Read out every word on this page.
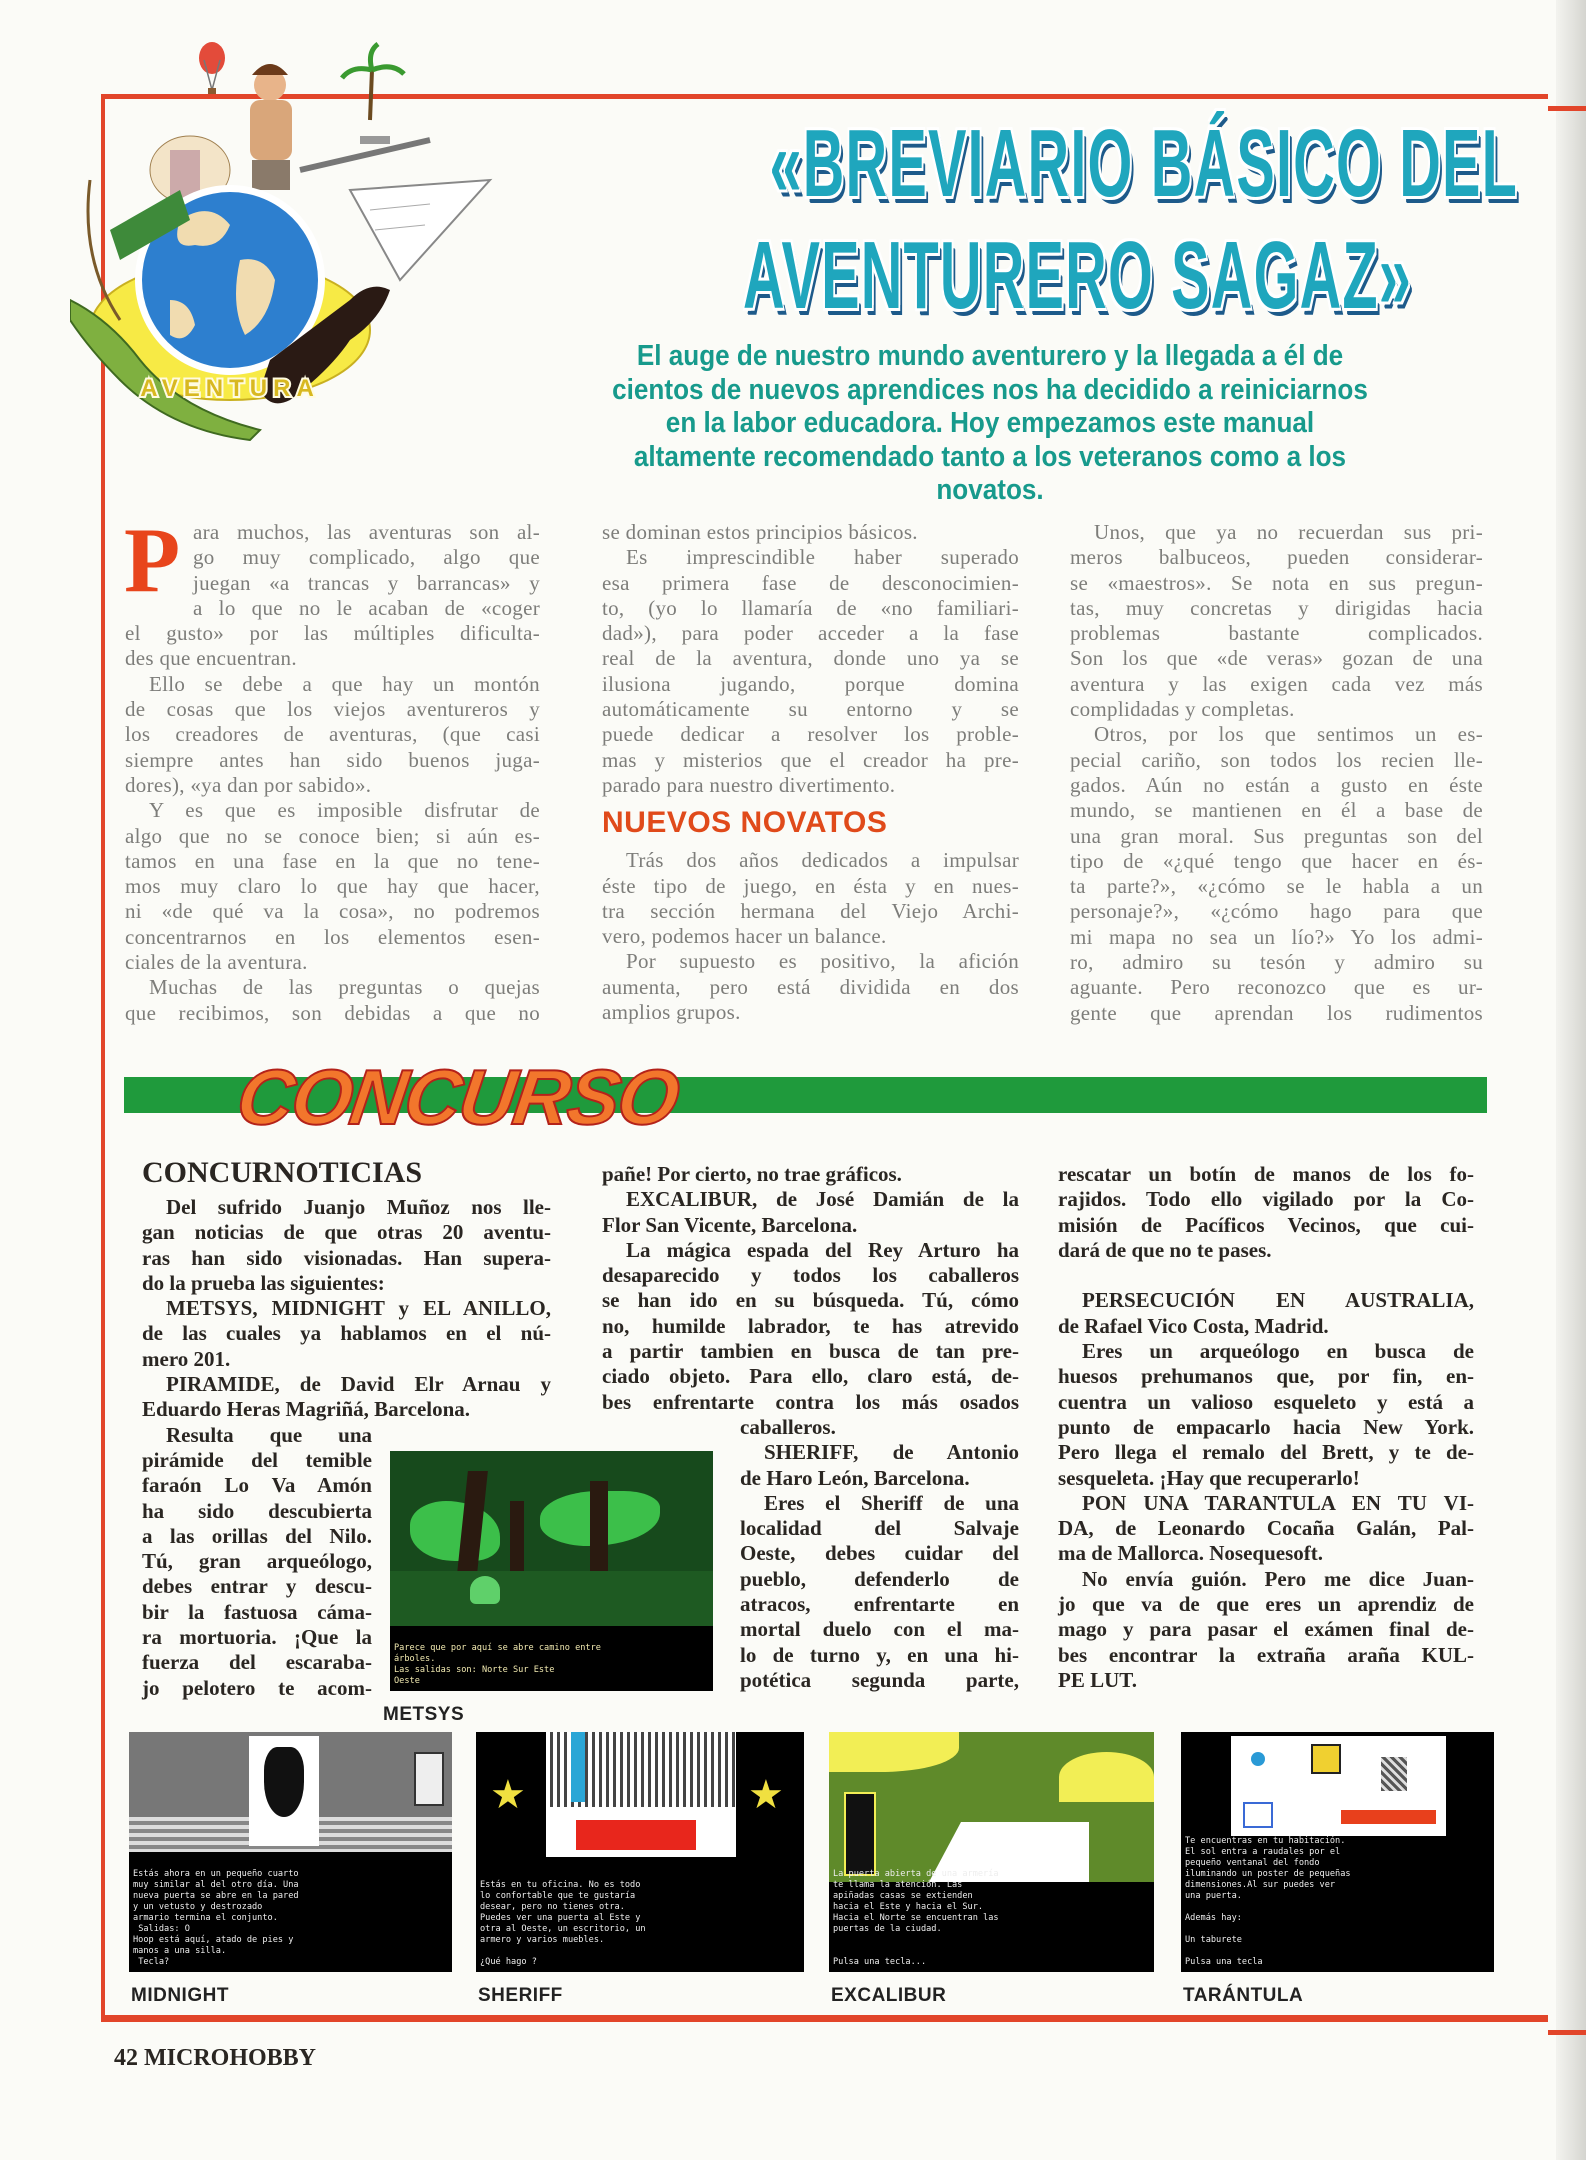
AVENTURA
«BREVIARIO BÁSICO DEL
AVENTURERO SAGAZ»
El auge de nuestro mundo aventurero y la llegada a él de
cientos de nuevos aprendices nos ha decidido a reiniciarnos
en la labor educadora. Hoy empezamos este manual
altamente recomendado tanto a los veteranos como a los
novatos.
P ara muchos, las aventuras son al-
go muy complicado, algo que
juegan «a trancas y barrancas» y
a lo que no le acaban de «coger
el gusto» por las múltiples dificulta-
des que encuentran.
Ello se debe a que hay un montón
de cosas que los viejos aventureros y
los creadores de aventuras, (que casi
siempre antes han sido buenos juga-
dores), «ya dan por sabido».
Y es que es imposible disfrutar de
algo que no se conoce bien; si aún es-
tamos en una fase en la que no tene-
mos muy claro lo que hay que hacer,
ni «de qué va la cosa», no podremos
concentrarnos en los elementos esen-
ciales de la aventura.
Muchas de las preguntas o quejas
que recibimos, son debidas a que no
se dominan estos principios básicos.
Es imprescindible haber superado
esa primera fase de desconocimien-
to, (yo lo llamaría de «no familiari-
dad»), para poder acceder a la fase
real de la aventura, donde uno ya se
ilusiona jugando, porque domina
automáticamente su entorno y se
puede dedicar a resolver los proble-
mas y misterios que el creador ha pre-
parado para nuestro divertimento.
NUEVOS NOVATOS
Trás dos años dedicados a impulsar
éste tipo de juego, en ésta y en nues-
tra sección hermana del Viejo Archi-
vero, podemos hacer un balance.
Por supuesto es positivo, la afición
aumenta, pero está dividida en dos
amplios grupos.
Unos, que ya no recuerdan sus pri-
meros balbuceos, pueden considerar-
se «maestros». Se nota en sus pregun-
tas, muy concretas y dirigidas hacia
problemas bastante complicados.
Son los que «de veras» gozan de una
aventura y las exigen cada vez más
complidadas y completas.
Otros, por los que sentimos un es-
pecial cariño, son todos los recien lle-
gados. Aún no están a gusto en éste
mundo, se mantienen en él a base de
una gran moral. Sus preguntas son del
tipo de «¿qué tengo que hacer en és-
ta parte?», «¿cómo se le habla a un
personaje?», «¿cómo hago para que
mi mapa no sea un lío?» Yo los admi-
ro, admiro su tesón y admiro su
aguante. Pero reconozco que es ur-
gente que aprendan los rudimentos
CONCURSO
CONCURNOTICIAS
Del sufrido Juanjo Muñoz nos lle-
gan noticias de que otras 20 aventu-
ras han sido visionadas. Han supera-
do la prueba las siguientes:
METSYS, MIDNIGHT y EL ANILLO,
de las cuales ya hablamos en el nú-
mero 201.
PIRAMIDE, de David Elr Arnau y
Eduardo Heras Magriñá, Barcelona.
Resulta que una
pirámide del temible
faraón Lo Va Amón
ha sido descubierta
a las orillas del Nilo.
Tú, gran arqueólogo,
debes entrar y descu-
bir la fastuosa cáma-
ra mortuoria. ¡Que la
fuerza del escaraba-
jo pelotero te acom-
pañe! Por cierto, no trae gráficos.
EXCALIBUR, de José Damián de la
Flor San Vicente, Barcelona.
La mágica espada del Rey Arturo ha
desaparecido y todos los caballeros
se han ido en su búsqueda. Tú, cómo
no, humilde labrador, te has atrevido
a partir tambien en busca de tan pre-
ciado objeto. Para ello, claro está, de-
bes enfrentarte contra los más osados
caballeros.
SHERIFF, de Antonio
de Haro León, Barcelona.
Eres el Sheriff de una
localidad del Salvaje
Oeste, debes cuidar del
pueblo, defenderlo de
atracos, enfrentarte en
mortal duelo con el ma-
lo de turno y, en una hi-
potética segunda parte,
rescatar un botín de manos de los fo-
rajidos. Todo ello vigilado por la Co-
misión de Pacíficos Vecinos, que cui-
dará de que no te pases.
PERSECUCIÓN EN AUSTRALIA,
de Rafael Vico Costa, Madrid.
Eres un arqueólogo en busca de
huesos prehumanos que, por fin, en-
cuentra un valioso esqueleto y está a
punto de empacarlo hacia New York.
Pero llega el remalo del Brett, y te de-
sesqueleta. ¡Hay que recuperarlo!
PON UNA TARANTULA EN TU VI-
DA, de Leonardo Cocaña Galán, Pal-
ma de Mallorca. Nosequesoft.
No envía guión. Pero me dice Juan-
jo que va de que eres un aprendiz de
mago y para pasar el exámen final de-
bes encontrar la extraña araña KUL-
PE LUT.
Parece que por aquí se abre camino entre
árboles.
Las salidas son: Norte Sur Este
Oeste
METSYS
Estás ahora en un pequeño cuarto
muy similar al del otro día. Una
nueva puerta se abre en la pared
y un vetusto y destrozado
armario termina el conjunto.
Salidas: O
Hoop está aquí, atado de pies y
manos a una silla.
Tecla?
★	★
Estás en tu oficina. No es todo
lo confortable que te gustaría
desear, pero no tienes otra.
Puedes ver una puerta al Este y
otra al Oeste, un escritorio, un
armero y varios muebles.

¿Qué hago ?
La puerta abierta de una armería
te llama la atención. Las
apiñadas casas se extienden
hacia el Este y hacia el Sur.
Hacia el Norte se encuentran las
puertas de la ciudad.

Pulsa una tecla...
Te encuentras en tu habitación.
El sol entra a raudales por el
pequeño ventanal del fondo
iluminando un poster de pequeñas
dimensiones.Al sur puedes ver
una puerta.

Además hay:

Un taburete

Pulsa una tecla
MIDNIGHT	SHERIFF	EXCALIBUR	TARÁNTULA
42 MICROHOBBY
